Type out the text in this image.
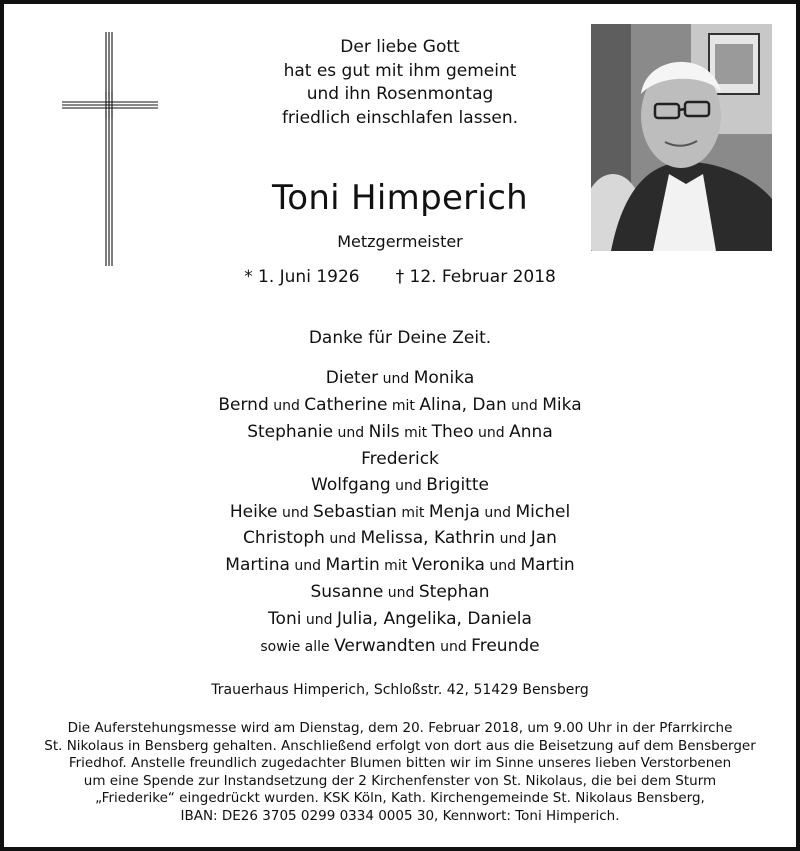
Der liebe Gott
hat es gut mit ihm gemeint
und ihn Rosenmontag
friedlich einschlafen lassen.
Toni Himperich
Metzgermeister
* 1. Juni 1926 † 12. Februar 2018
Danke für Deine Zeit.
Dieter und Monika
Bernd und Catherine mit Alina, Dan und Mika
Stephanie und Nils mit Theo und Anna
Frederick
Wolfgang und Brigitte
Heike und Sebastian mit Menja und Michel
Christoph und Melissa, Kathrin und Jan
Martina und Martin mit Veronika und Martin
Susanne und Stephan
Toni und Julia, Angelika, Daniela
sowie alle Verwandten und Freunde
Trauerhaus Himperich, Schloßstr. 42, 51429 Bensberg
Die Auferstehungsmesse wird am Dienstag, dem 20. Februar 2018, um 9.00 Uhr in der Pfarrkirche
St. Nikolaus in Bensberg gehalten. Anschließend erfolgt von dort aus die Beisetzung auf dem Bensberger
Friedhof. Anstelle freundlich zugedachter Blumen bitten wir im Sinne unseres lieben Verstorbenen
um eine Spende zur Instandsetzung der 2 Kirchenfenster von St. Nikolaus, die bei dem Sturm
„Friederike“ eingedrückt wurden. KSK Köln, Kath. Kirchengemeinde St. Nikolaus Bensberg,
IBAN: DE26 3705 0299 0334 0005 30, Kennwort: Toni Himperich.
